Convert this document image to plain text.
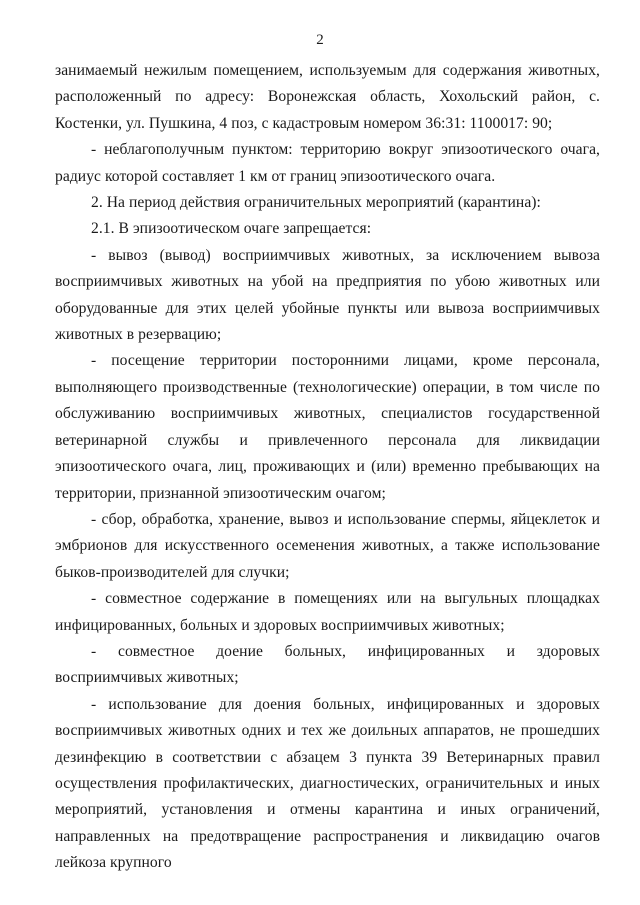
2

занимаемый нежилым помещением, используемым для содержания животных, расположенный по адресу: Воронежская область, Хохольский район, с. Костенки, ул. Пушкина, 4 поз, с кадастровым номером 36:31: 1100017: 90;

- неблагополучным пунктом: территорию вокруг эпизоотического очага, радиус которой составляет 1 км от границ эпизоотического очага.

2. На период действия ограничительных мероприятий (карантина):

2.1. В эпизоотическом очаге запрещается:

- вывоз (вывод) восприимчивых животных, за исключением вывоза восприимчивых животных на убой на предприятия по убою животных или оборудованные для этих целей убойные пункты или вывоза восприимчивых животных в резервацию;

- посещение территории посторонними лицами, кроме персонала, выполняющего производственные (технологические) операции, в том числе по обслуживанию восприимчивых животных, специалистов государственной ветеринарной службы и привлеченного персонала для ликвидации эпизоотического очага, лиц, проживающих и (или) временно пребывающих на территории, признанной эпизоотическим очагом;

- сбор, обработка, хранение, вывоз и использование спермы, яйцеклеток и эмбрионов для искусственного осеменения животных, а также использование быков-производителей для случки;

- совместное содержание в помещениях или на выгульных площадках инфицированных, больных и здоровых восприимчивых животных;

- совместное доение больных, инфицированных и здоровых восприимчивых животных;

- использование для доения больных, инфицированных и здоровых восприимчивых животных одних и тех же доильных аппаратов, не прошедших дезинфекцию в соответствии с абзацем 3 пункта 39 Ветеринарных правил осуществления профилактических, диагностических, ограничительных и иных мероприятий, установления и отмены карантина и иных ограничений, направленных на предотвращение распространения и ликвидацию очагов лейкоза крупного
